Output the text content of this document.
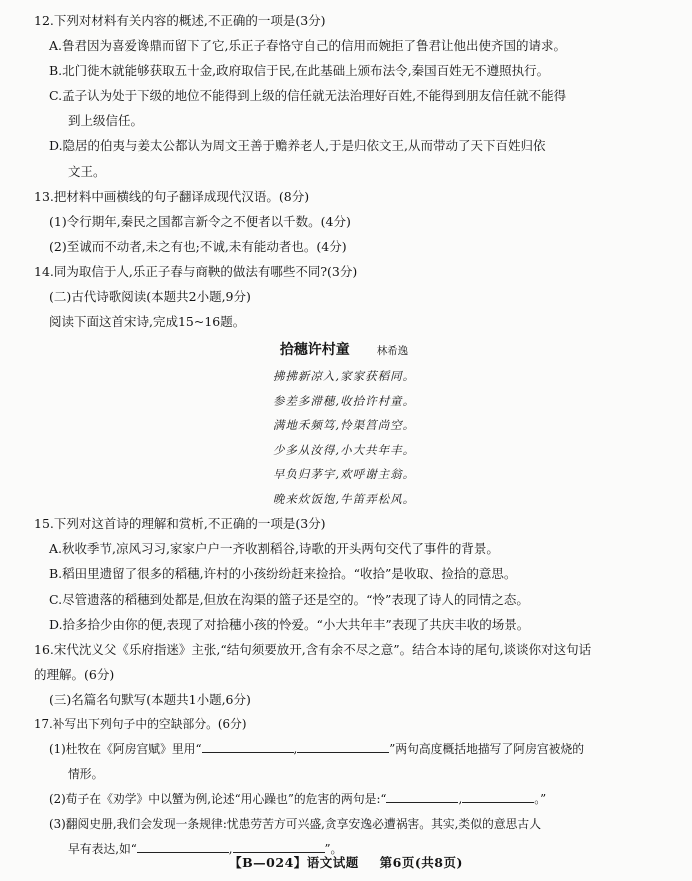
12.下列对材料有关内容的概述,不正确的一项是(3分)
A.鲁君因为喜爱谗鼎而留下了它,乐正子春恪守自己的信用而婉拒了鲁君让他出使齐国的请求。
B.北门徙木就能够获取五十金,政府取信于民,在此基础上颁布法令,秦国百姓无不遵照执行。
C.孟子认为处于下级的地位不能得到上级的信任就无法治理好百姓,不能得到朋友信任就不能得
到上级信任。
D.隐居的伯夷与姜太公都认为周文王善于赡养老人,于是归依文王,从而带动了天下百姓归依
文王。
13.把材料中画横线的句子翻译成现代汉语。(8分)
(1)令行期年,秦民之国都言新令之不便者以千数。(4分)
(2)至诚而不动者,未之有也;不诚,未有能动者也。(4分)
14.同为取信于人,乐正子春与商鞅的做法有哪些不同?(3分)
(二)古代诗歌阅读(本题共2小题,9分)
阅读下面这首宋诗,完成15~16题。
拾穗许村童	林希逸
拂拂新凉入,家家获稻同。
参差多滞穗,收拾许村童。
满地禾频笃,怜渠筥尚空。
少多从汝得,小大共年丰。
早负归茅宇,欢呼谢主翁。
晚来炊饭饱,牛笛弄松风。
15.下列对这首诗的理解和赏析,不正确的一项是(3分)
A.秋收季节,凉风习习,家家户户一齐收割稻谷,诗歌的开头两句交代了事件的背景。
B.稻田里遗留了很多的稻穗,许村的小孩纷纷赶来捡拾。“收拾”是收取、捡拾的意思。
C.尽管遗落的稻穗到处都是,但放在沟渠的篮子还是空的。“怜”表现了诗人的同情之态。
D.拾多拾少由你的便,表现了对拾穗小孩的怜爱。“小大共年丰”表现了共庆丰收的场景。
16.宋代沈义父《乐府指迷》主张,“结句须要放开,含有余不尽之意”。结合本诗的尾句,谈谈你对这句话
的理解。(6分)
(三)名篇名句默写(本题共1小题,6分)
17.补写出下列句子中的空缺部分。(6分)
(1)杜牧在《阿房宫赋》里用“	,	”两句高度概括地描写了阿房宫被烧的
情形。
(2)荀子在《劝学》中以蟹为例,论述“用心躁也”的危害的两句是:“	,	。”
(3)翻阅史册,我们会发现一条规律:忧患劳苦方可兴盛,贪享安逸必遭祸害。其实,类似的意思古人
早有表达,如“	,	”。
【B—024】语文试题 第6页(共8页)
